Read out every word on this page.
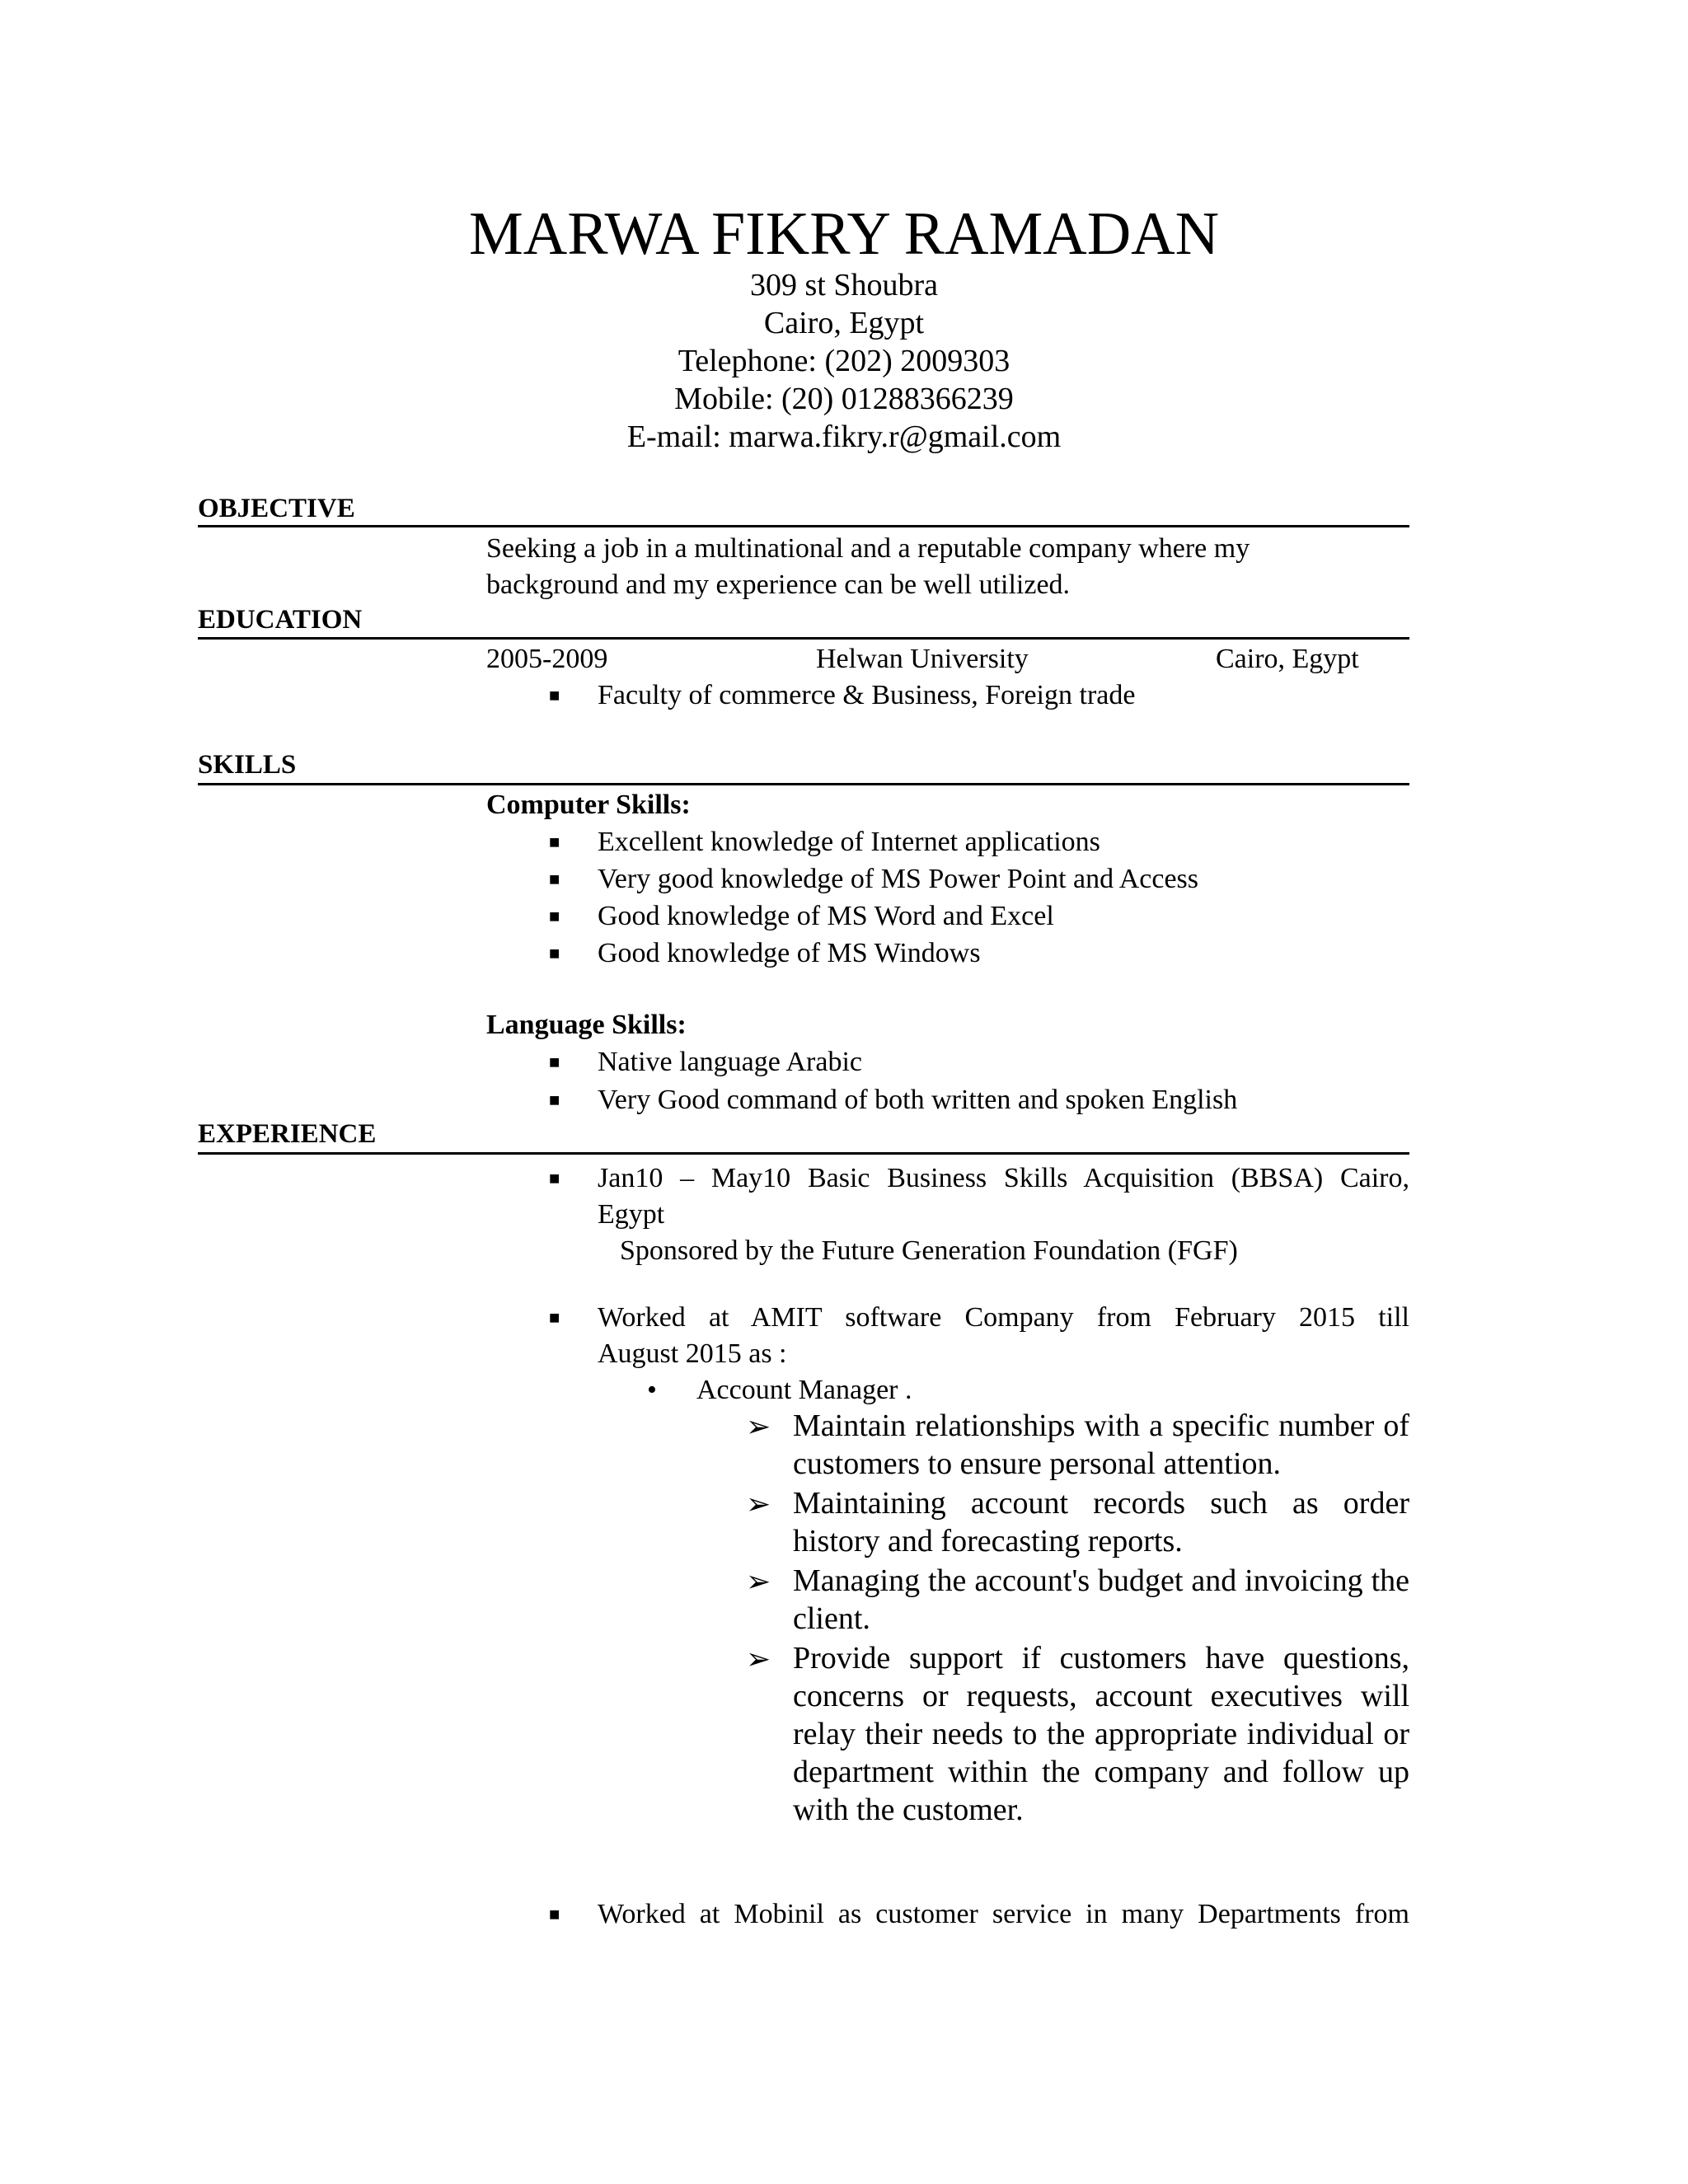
MARWA FIKRY RAMADAN
309 st Shoubra
Cairo, Egypt
Telephone: (202) 2009303
Mobile: (20) 01288366239
E-mail: marwa.fikry.r@gmail.com
OBJECTIVE
Seeking a job in a multinational and a reputable company where my
background and my experience can be well utilized.
EDUCATION
2005-2009	Helwan University	Cairo, Egypt
■ Faculty of commerce & Business, Foreign trade
SKILLS
Computer Skills:
■ Excellent knowledge of Internet applications
■ Very good knowledge of MS Power Point and Access
■ Good knowledge of MS Word and Excel
■ Good knowledge of MS Windows
Language Skills:
■ Native language Arabic
■ Very Good command of both written and spoken English
EXPERIENCE
■ Jan10 – May10 Basic Business Skills Acquisition (BBSA) Cairo,
Egypt
Sponsored by the Future Generation Foundation (FGF)
■ Worked at AMIT software Company from February 2015 till
August 2015 as :
• Account Manager .
➢ Maintain relationships with a specific number of customers to ensure personal attention.
➢ Maintaining account records such as order history and forecasting reports.
➢ Managing the account's budget and invoicing the client.
➢ Provide support if customers have questions, concerns or requests, account executives will relay their needs to the appropriate individual or department within the company and follow up with the customer.
■ Worked at Mobinil as customer service in many Departments from
